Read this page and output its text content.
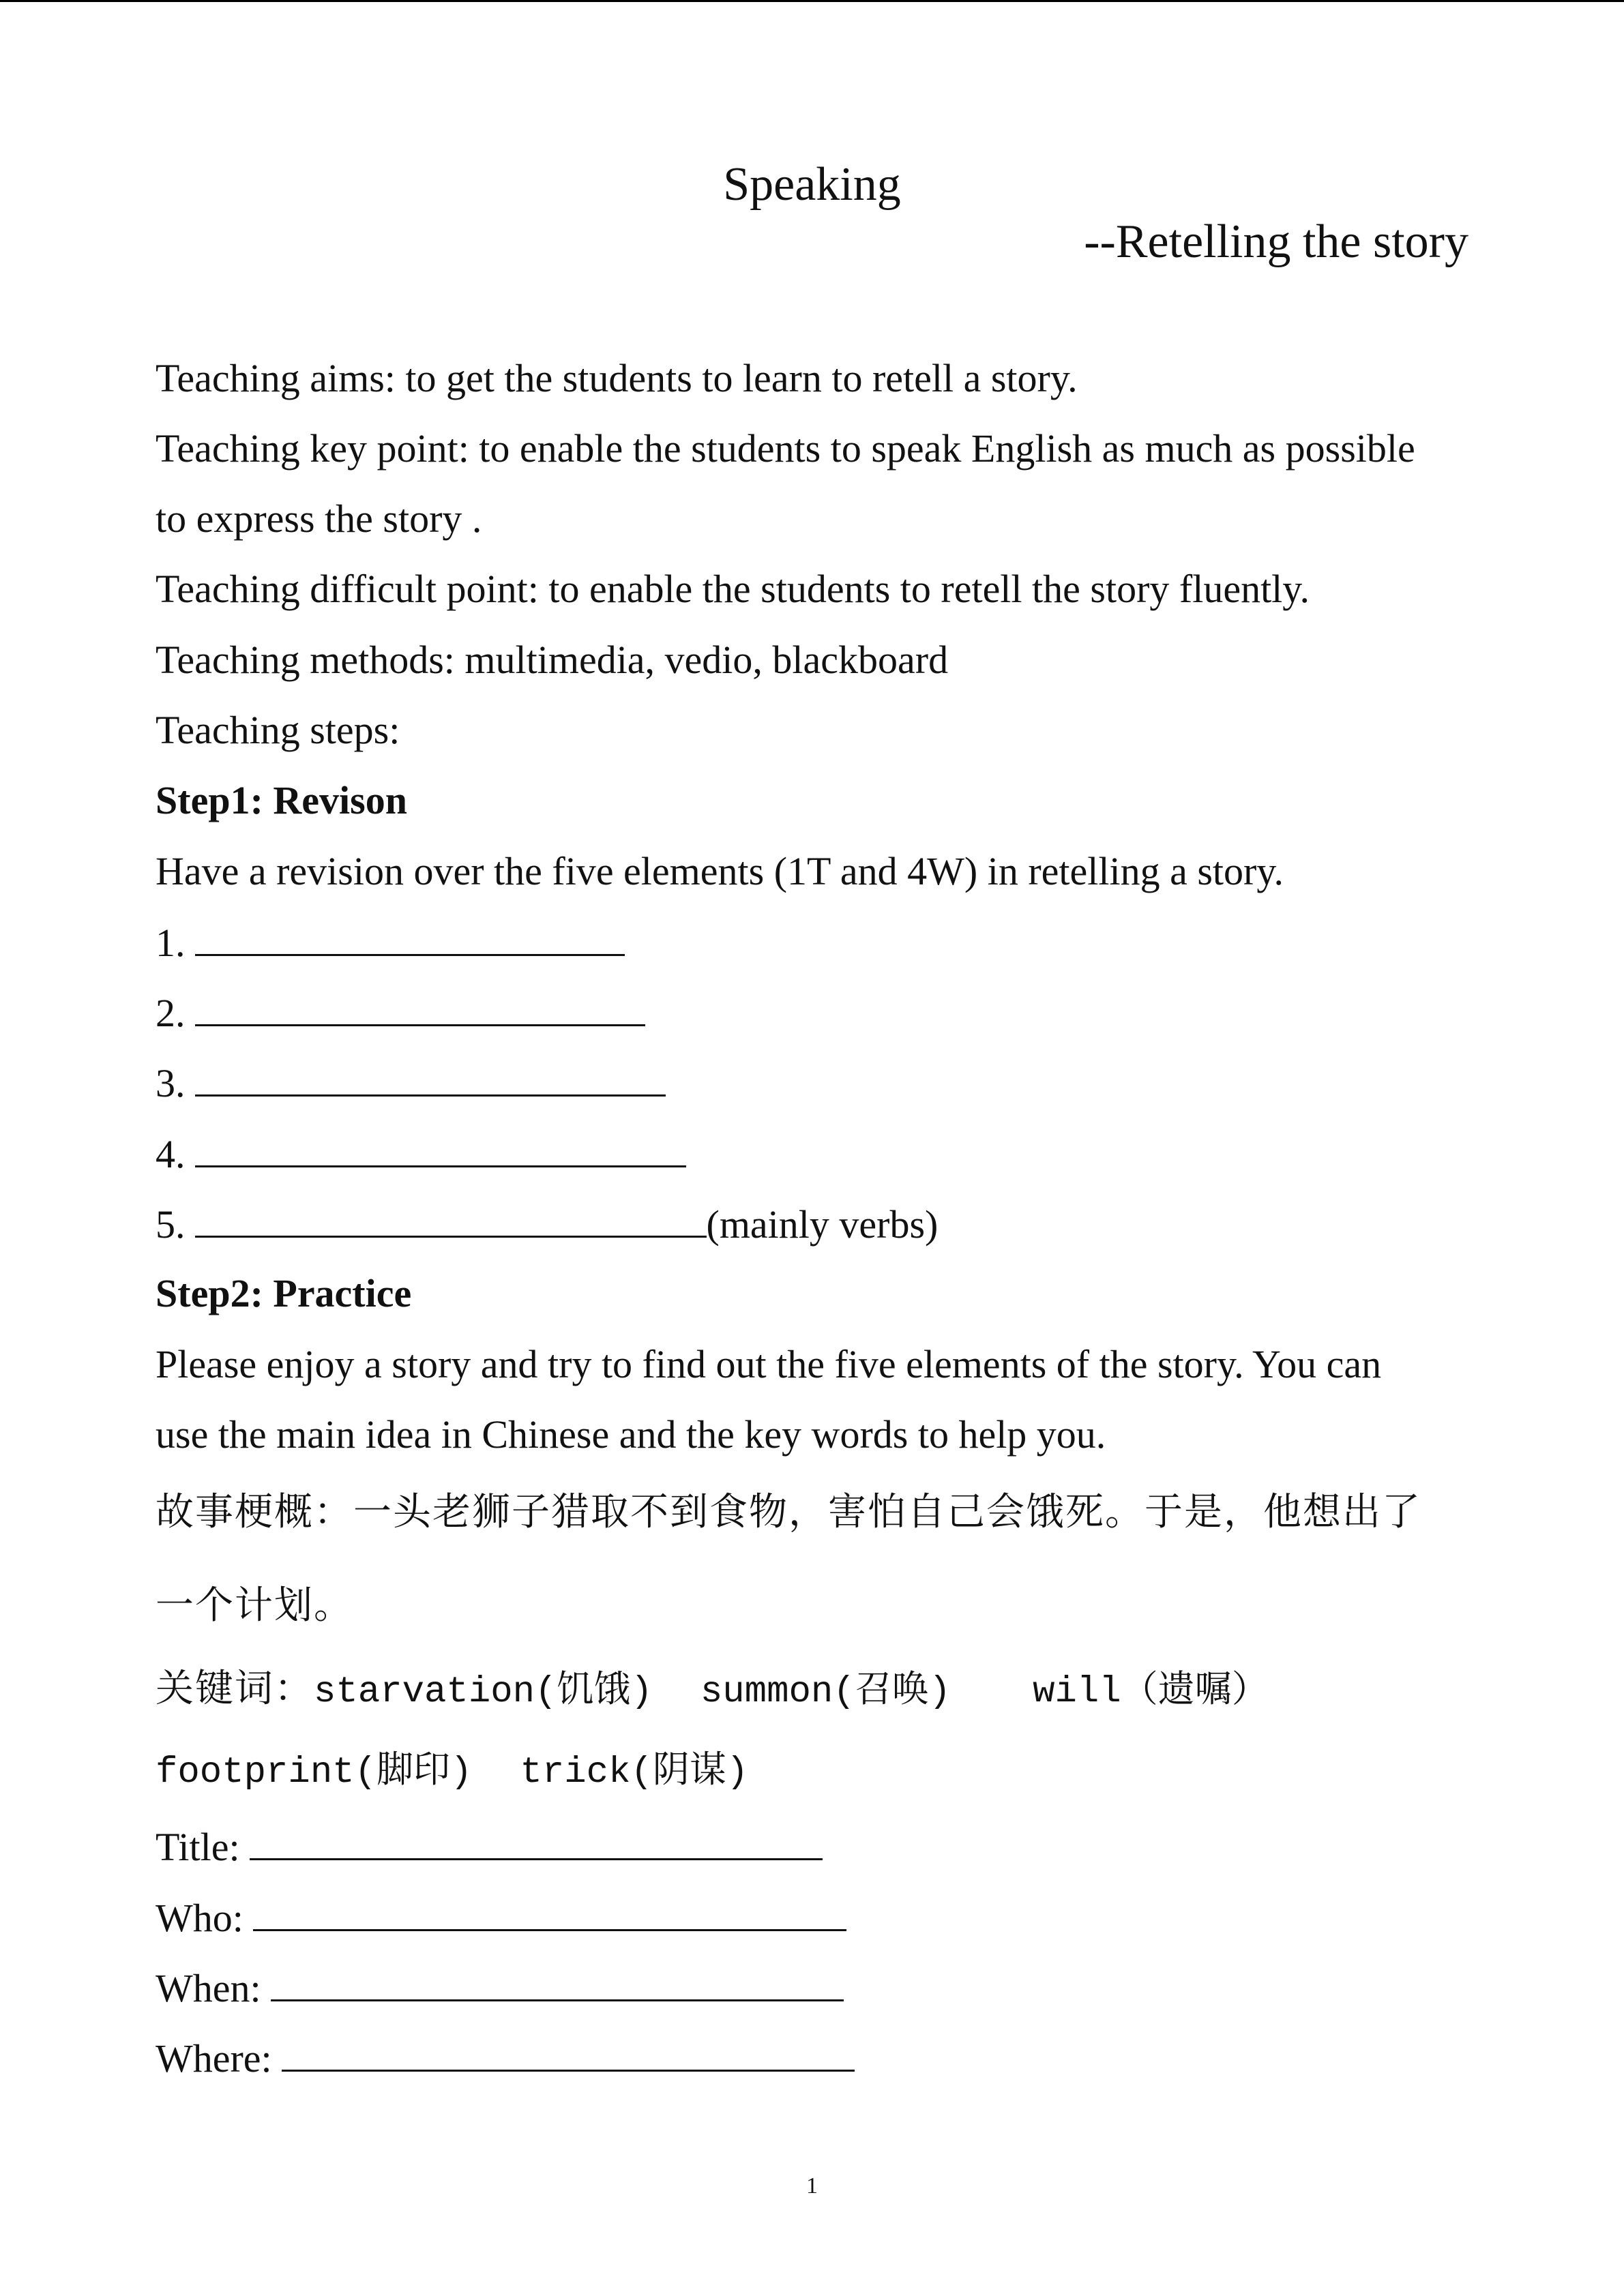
Speaking
--Retelling the story
Teaching aims: to get the students to learn to retell a story.
Teaching key point: to enable the students to speak English as much as possible
to express the story .
Teaching difficult point: to enable the students to retell the story fluently.
Teaching methods: multimedia, vedio, blackboard
Teaching steps:
Step1: Revison
Have a revision over the five elements (1T and 4W) in retelling a story.
1.
2.
3.
4.
5.	(mainly verbs)
Step2: Practice
Please enjoy a story and try to find out the five elements of the story. You can
use the main idea in Chinese and the key words to help you.
故事梗概：一头老狮子猎取不到食物，害怕自己会饿死。于是，他想出了
一个计划。
关键词：starvation(饥饿) summon(召唤) will（遗嘱）
footprint(脚印) trick(阴谋)
Title:
Who:
When:
Where:
1
